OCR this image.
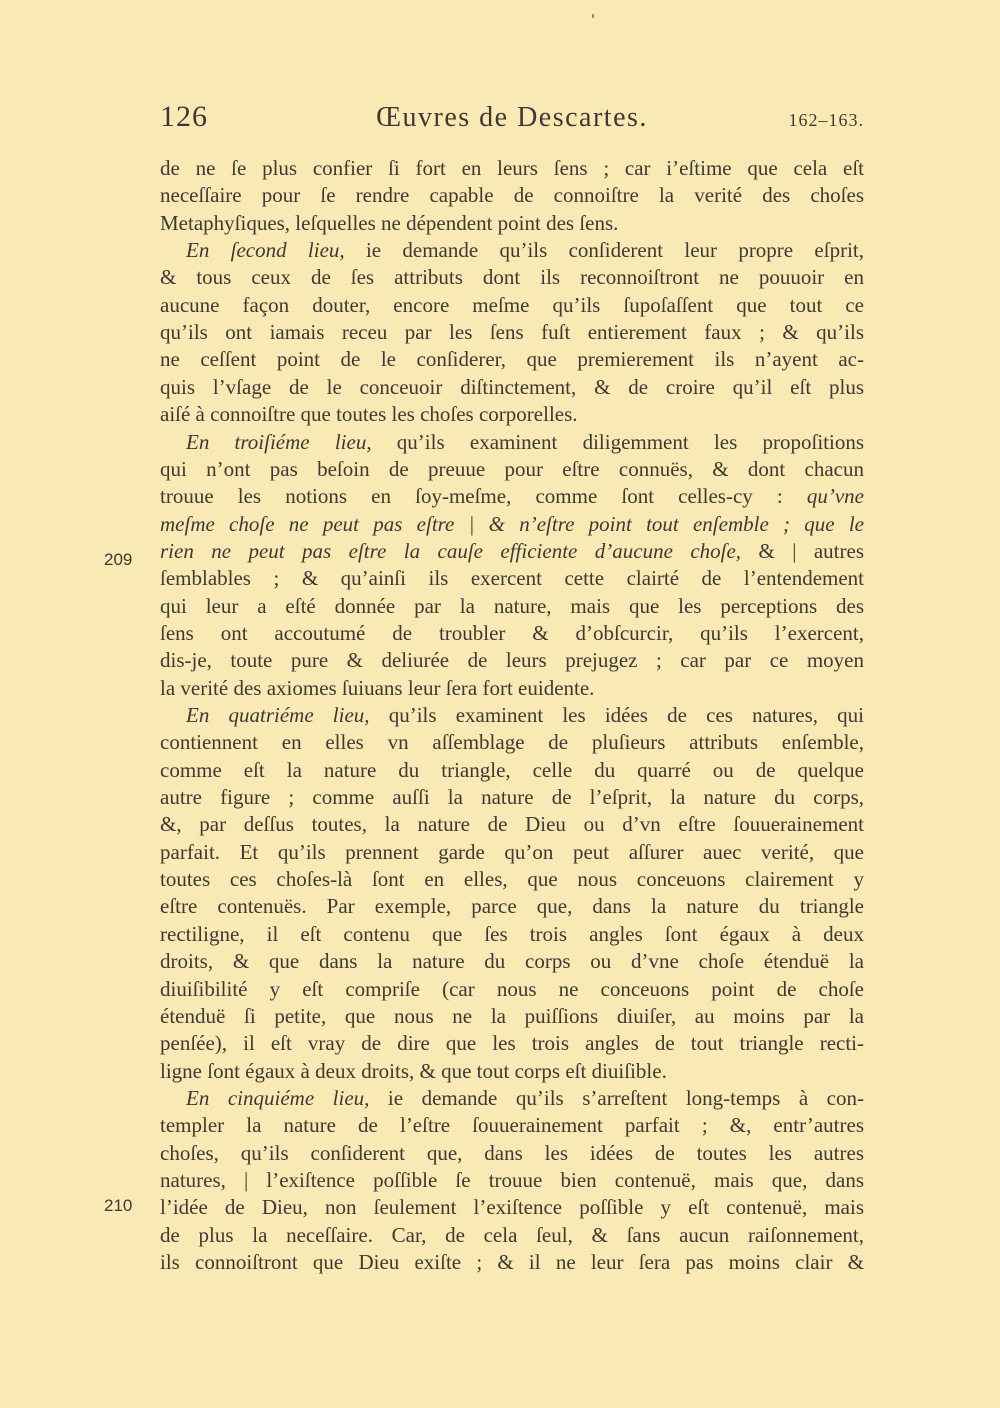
126	Œuvres de Descartes.	162–163.
209
210
de ne ſe plus confier ſi fort en leurs ſens ; car i’eſtime que cela eſt
neceſſaire pour ſe rendre capable de connoiſtre la verité des choſes
Metaphyſiques, leſquelles ne dépendent point des ſens.
En ſecond lieu, ie demande qu’ils conſiderent leur propre eſprit,
& tous ceux de ſes attributs dont ils reconnoiſtront ne pouuoir en
aucune façon douter, encore meſme qu’ils ſupoſaſſent que tout ce
qu’ils ont iamais receu par les ſens fuſt entierement faux ; & qu’ils
ne ceſſent point de le conſiderer, que premierement ils n’ayent ac-
quis l’vſage de le conceuoir diſtinctement, & de croire qu’il eſt plus
aiſé à connoiſtre que toutes les choſes corporelles.
En troiſiéme lieu, qu’ils examinent diligemment les propoſitions
qui n’ont pas beſoin de preuue pour eſtre connuës, & dont chacun
trouue les notions en ſoy-meſme, comme ſont celles-cy : qu’vne
meſme choſe ne peut pas eſtre | & n’eſtre point tout enſemble ; que le
rien ne peut pas eſtre la cauſe efficiente d’aucune choſe, & | autres
ſemblables ; & qu’ainſi ils exercent cette clairté de l’entendement
qui leur a eſté donnée par la nature, mais que les perceptions des
ſens ont accoutumé de troubler & d’obſcurcir, qu’ils l’exercent,
dis-je, toute pure & deliurée de leurs prejugez ; car par ce moyen
la verité des axiomes ſuiuans leur ſera fort euidente.
En quatriéme lieu, qu’ils examinent les idées de ces natures, qui
contiennent en elles vn aſſemblage de pluſieurs attributs enſemble,
comme eſt la nature du triangle, celle du quarré ou de quelque
autre figure ; comme auſſi la nature de l’eſprit, la nature du corps,
&, par deſſus toutes, la nature de Dieu ou d’vn eſtre ſouuerainement
parfait. Et qu’ils prennent garde qu’on peut aſſurer auec verité, que
toutes ces choſes-là ſont en elles, que nous conceuons clairement y
eſtre contenuës. Par exemple, parce que, dans la nature du triangle
rectiligne, il eſt contenu que ſes trois angles ſont égaux à deux
droits, & que dans la nature du corps ou d’vne choſe étenduë la
diuiſibilité y eſt compriſe (car nous ne conceuons point de choſe
étenduë ſi petite, que nous ne la puiſſions diuiſer, au moins par la
penſée), il eſt vray de dire que les trois angles de tout triangle recti-
ligne ſont égaux à deux droits, & que tout corps eſt diuiſible.
En cinquiéme lieu, ie demande qu’ils s’arreſtent long-temps à con-
templer la nature de l’eſtre ſouuerainement parfait ; &, entr’autres
choſes, qu’ils conſiderent que, dans les idées de toutes les autres
natures, | l’exiſtence poſſible ſe trouue bien contenuë, mais que, dans
l’idée de Dieu, non ſeulement l’exiſtence poſſible y eſt contenuë, mais
de plus la neceſſaire. Car, de cela ſeul, & ſans aucun raiſonnement,
ils connoiſtront que Dieu exiſte ; & il ne leur ſera pas moins clair &
